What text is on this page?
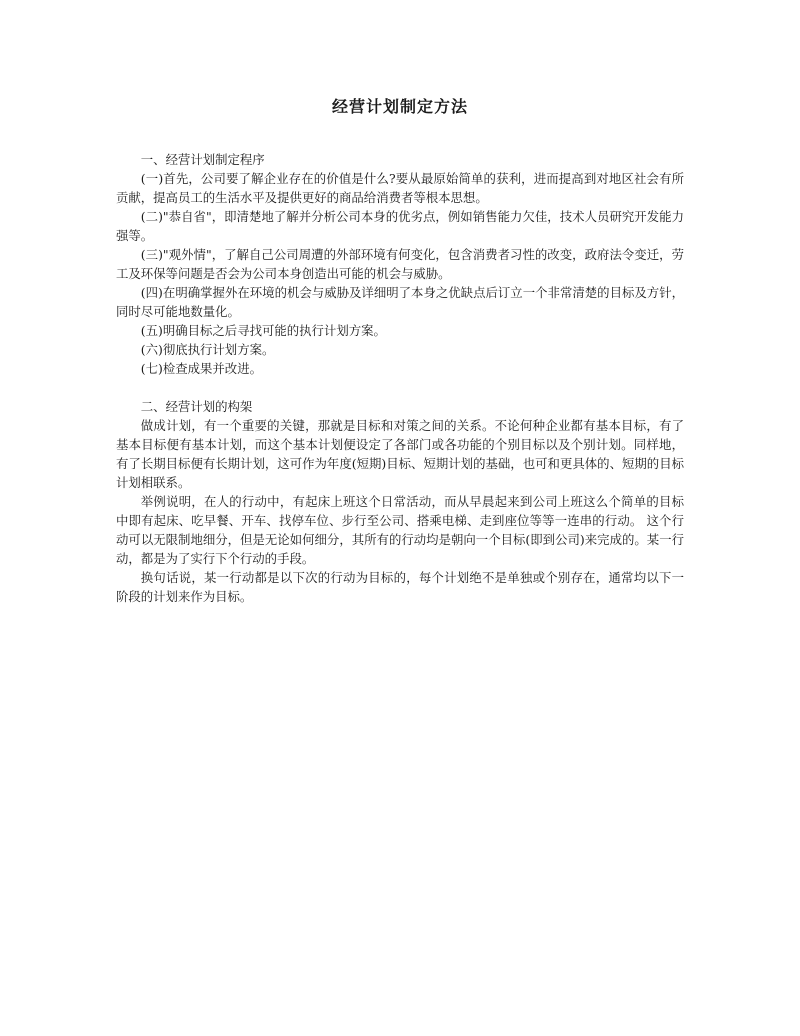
经营计划制定方法

一、经营计划制定程序

(一)首先，公司要了解企业存在的价值是什么?要从最原始简单的获利，进而提高到对地区社会有所贡献，提高员工的生活水平及提供更好的商品给消费者等根本思想。

(二)"恭自省"，即清楚地了解并分析公司本身的优劣点，例如销售能力欠佳，技术人员研究开发能力强等。

(三)"观外情"，了解自己公司周遭的外部环境有何变化，包含消费者习性的改变，政府法令变迁，劳工及环保等问题是否会为公司本身创造出可能的机会与威胁。

(四)在明确掌握外在环境的机会与威胁及详细明了本身之优缺点后订立一个非常清楚的目标及方针，同时尽可能地数量化。

(五)明确目标之后寻找可能的执行计划方案。

(六)彻底执行计划方案。

(七)检查成果并改进。

二、经营计划的构架

做成计划，有一个重要的关键，那就是目标和对策之间的关系。不论何种企业都有基本目标，有了基本目标便有基本计划，而这个基本计划便设定了各部门或各功能的个别目标以及个别计划。同样地，有了长期目标便有长期计划，这可作为年度(短期)目标、短期计划的基础，也可和更具体的、短期的目标计划相联系。

举例说明，在人的行动中，有起床上班这个日常活动，而从早晨起来到公司上班这么个简单的目标中即有起床、吃早餐、开车、找停车位、步行至公司、搭乘电梯、走到座位等等一连串的行动。 这个行动可以无限制地细分，但是无论如何细分，其所有的行动均是朝向一个目标(即到公司)来完成的。某一行动，都是为了实行下个行动的手段。

换句话说，某一行动都是以下次的行动为目标的，每个计划绝不是单独或个别存在，通常均以下一阶段的计划来作为目标。
